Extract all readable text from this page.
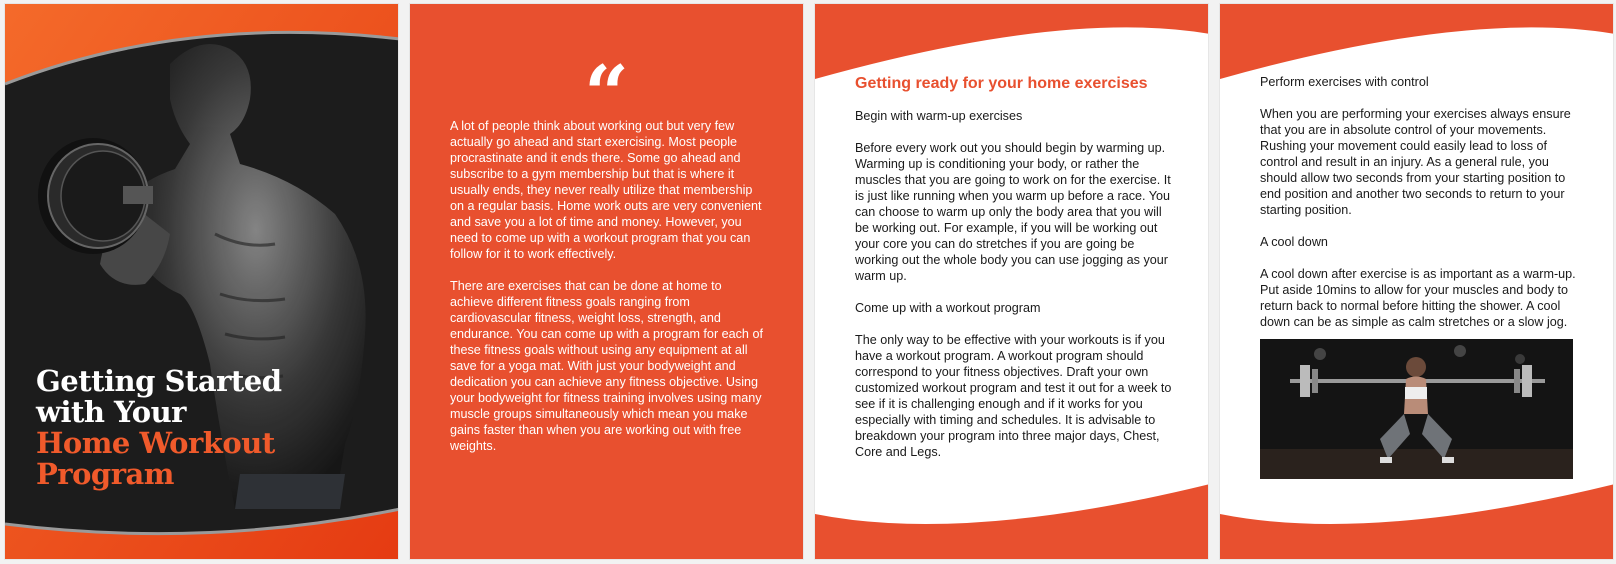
Getting Started
with Your
Home Workout
Program
“

A lot of people think about working out but very few actually go ahead and start exercising. Most people procrastinate and it ends there. Some go ahead and subscribe to a gym membership but that is where it usually ends, they never really utilize that membership on a regular basis. Home work outs are very convenient and save you a lot of time and money. However, you need to come up with a workout program that you can follow for it to work effectively.

There are exercises that can be done at home to achieve different fitness goals ranging from cardiovascular fitness, weight loss, strength, and endurance. You can come up with a program for each of these fitness goals without using any equipment at all save for a yoga mat. With just your bodyweight and dedication you can achieve any fitness objective. Using your bodyweight for fitness training involves using many muscle groups simultaneously which mean you make gains faster than when you are working out with free weights.

Getting ready for your home exercises

Begin with warm-up exercises

Before every work out you should begin by warming up. Warming up is conditioning your body, or rather the muscles that you are going to work on for the exercise. It is just like running when you warm up before a race. You can choose to warm up only the body area that you will be working out. For example, if you will be working out your core you can do stretches if you are going be working out the whole body you can use jogging as your warm up.

Come up with a workout program

The only way to be effective with your workouts is if you have a workout program. A workout program should correspond to your fitness objectives. Draft your own customized workout program and test it out for a week to see if it is challenging enough and if it works for you especially with timing and schedules. It is advisable to breakdown your program into three major days, Chest, Core and Legs.

Perform exercises with control

When you are performing your exercises always ensure that you are in absolute control of your movements. Rushing your movement could easily lead to loss of control and result in an injury. As a general rule, you should allow two seconds from your starting position to end position and another two seconds to return to your starting position.

A cool down

A cool down after exercise is as important as a warm-up. Put aside 10mins to allow for your muscles and body to return back to normal before hitting the shower. A cool down can be as simple as calm stretches or a slow jog.
